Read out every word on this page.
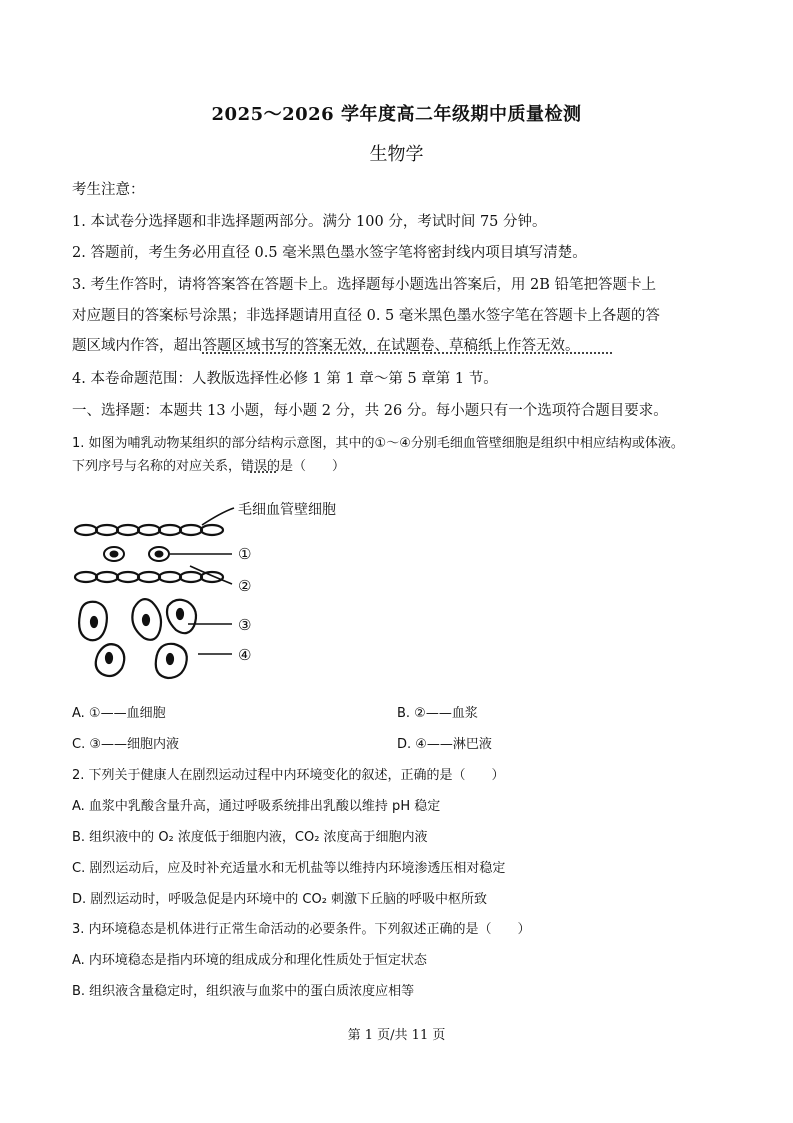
2025～2026 学年度高二年级期中质量检测
生物学
考生注意：
1. 本试卷分选择题和非选择题两部分。满分 100 分，考试时间 75 分钟。
2. 答题前，考生务必用直径 0.5 毫米黑色墨水签字笔将密封线内项目填写清楚。
3. 考生作答时，请将答案答在答题卡上。选择题每小题选出答案后，用 2B 铅笔把答题卡上
对应题目的答案标号涂黑；非选择题请用直径 0. 5 毫米黑色墨水签字笔在答题卡上各题的答
题区域内作答，超出答题区域书写的答案无效，在试题卷、草稿纸上作答无效。
4. 本卷命题范围：人教版选择性必修 1 第 1 章～第 5 章第 1 节。
一、选择题：本题共 13 小题，每小题 2 分，共 26 分。每小题只有一个选项符合题目要求。
1. 如图为哺乳动物某组织的部分结构示意图，其中的①～④分别毛细血管壁细胞是组织中相应结构或体液。
下列序号与名称的对应关系，错误的是（　　）
毛细血管壁细胞
①
②
③
④
A. ①——血细胞	B. ②——血浆
C. ③——细胞内液	D. ④——淋巴液
2. 下列关于健康人在剧烈运动过程中内环境变化的叙述，正确的是（　　）
A. 血浆中乳酸含量升高，通过呼吸系统排出乳酸以维持 pH 稳定
B. 组织液中的 O₂ 浓度低于细胞内液，CO₂ 浓度高于细胞内液
C. 剧烈运动后，应及时补充适量水和无机盐等以维持内环境渗透压相对稳定
D. 剧烈运动时，呼吸急促是内环境中的 CO₂ 刺激下丘脑的呼吸中枢所致
3. 内环境稳态是机体进行正常生命活动的必要条件。下列叙述正确的是（　　）
A. 内环境稳态是指内环境的组成成分和理化性质处于恒定状态
B. 组织液含量稳定时，组织液与血浆中的蛋白质浓度应相等
第 1 页/共 11 页
